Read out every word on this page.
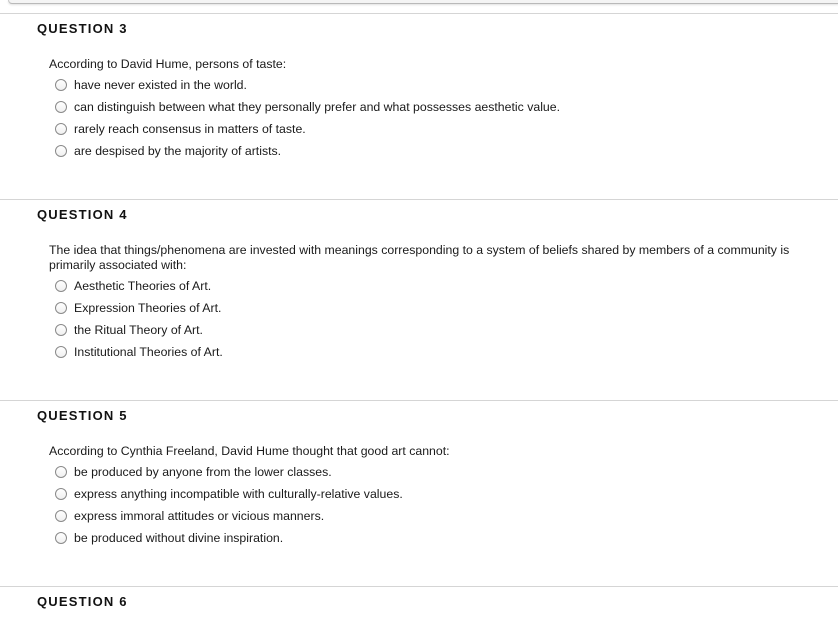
QUESTION 3

According to David Hume, persons of taste:

have never existed in the world.
can distinguish between what they personally prefer and what possesses aesthetic value.
rarely reach consensus in matters of taste.
are despised by the majority of artists.
QUESTION 4

The idea that things/phenomena are invested with meanings corresponding to a system of beliefs shared by members of a community is primarily associated with:

Aesthetic Theories of Art.
Expression Theories of Art.
the Ritual Theory of Art.
Institutional Theories of Art.
QUESTION 5

According to Cynthia Freeland, David Hume thought that good art cannot:

be produced by anyone from the lower classes.
express anything incompatible with culturally-relative values.
express immoral attitudes or vicious manners.
be produced without divine inspiration.
QUESTION 6
